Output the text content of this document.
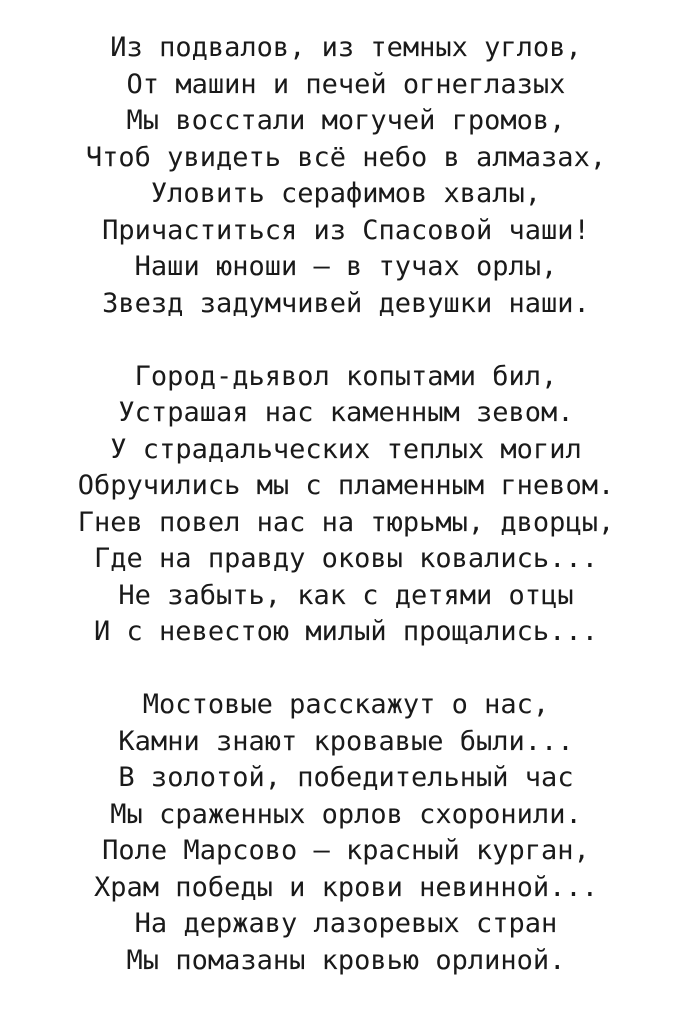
Из подвалов, из темных углов,
От машин и печей огнеглазых
Мы восстали могучей громов,
Чтоб увидеть всё небо в алмазах,
Уловить серафимов хвалы,
Причаститься из Спасовой чаши!
Наши юноши — в тучах орлы,
Звезд задумчивей девушки наши.
Город-дьявол копытами бил,
Устрашая нас каменным зевом.
У страдальческих теплых могил
Обручились мы с пламенным гневом.
Гнев повел нас на тюрьмы, дворцы,
Где на правду оковы ковались...
Не забыть, как с детями отцы
И с невестою милый прощались...
Мостовые расскажут о нас,
Камни знают кровавые были...
В золотой, победительный час
Мы сраженных орлов схоронили.
Поле Марсово — красный курган,
Храм победы и крови невинной...
На державу лазоревых стран
Мы помазаны кровью орлиной.
